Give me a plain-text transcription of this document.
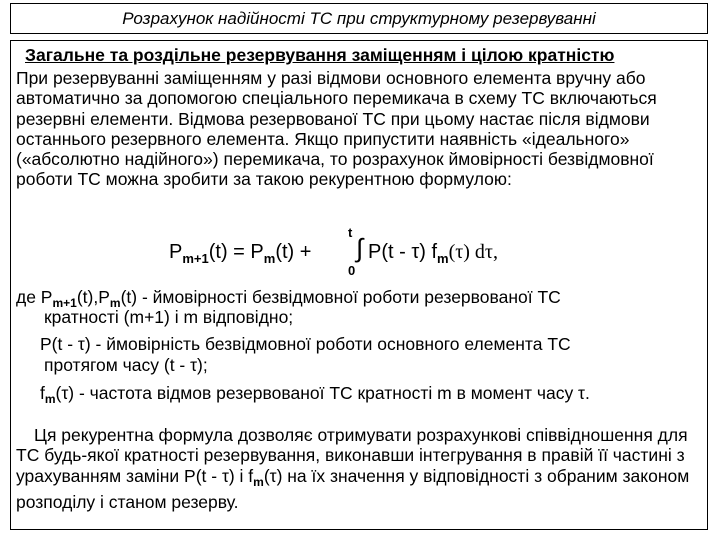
Розрахунок надійності ТС при структурному резервуванні
Загальне та роздільне резервування заміщенням і цілою кратністю

При резервуванні заміщенням у разі відмови основного елемента вручну або автоматично за допомогою спеціального перемикача в схему ТС включаються резервні елементи. Відмова резервованої ТС при цьому настає після відмови останнього резервного елемента. Якщо припустити наявність «ідеального» («абсолютно надійного») перемикача, то розрахунок ймовірності безвідмовної роботи ТС можна зробити за такою рекурентною формулою:

$P_{m+1}(t) = P_m(t)$ +
t
∫
0
P(t - τ) $f_m(\tau)$ dτ,
де $P_{m+1}(t),P_m(t)$ - ймовірності безвідмовної роботи резервованої ТС
кратності (m+1) і m відповідно;
P(t - τ) - ймовірність безвідмовної роботи основного елемента ТС
протягом часу (t - τ);
$f_m(\tau)$ - частота відмов резервованої ТС кратності m в момент часу τ.

Ця рекурентна формула дозволяє отримувати розрахункові співвідношення для ТС будь-якої кратності резервування, виконавши інтегрування в правій її частині з урахуванням заміни P(t - τ) і $f_m(\tau)$ на їх значення у відповідності з обраним законом розподілу і станом резерву.
